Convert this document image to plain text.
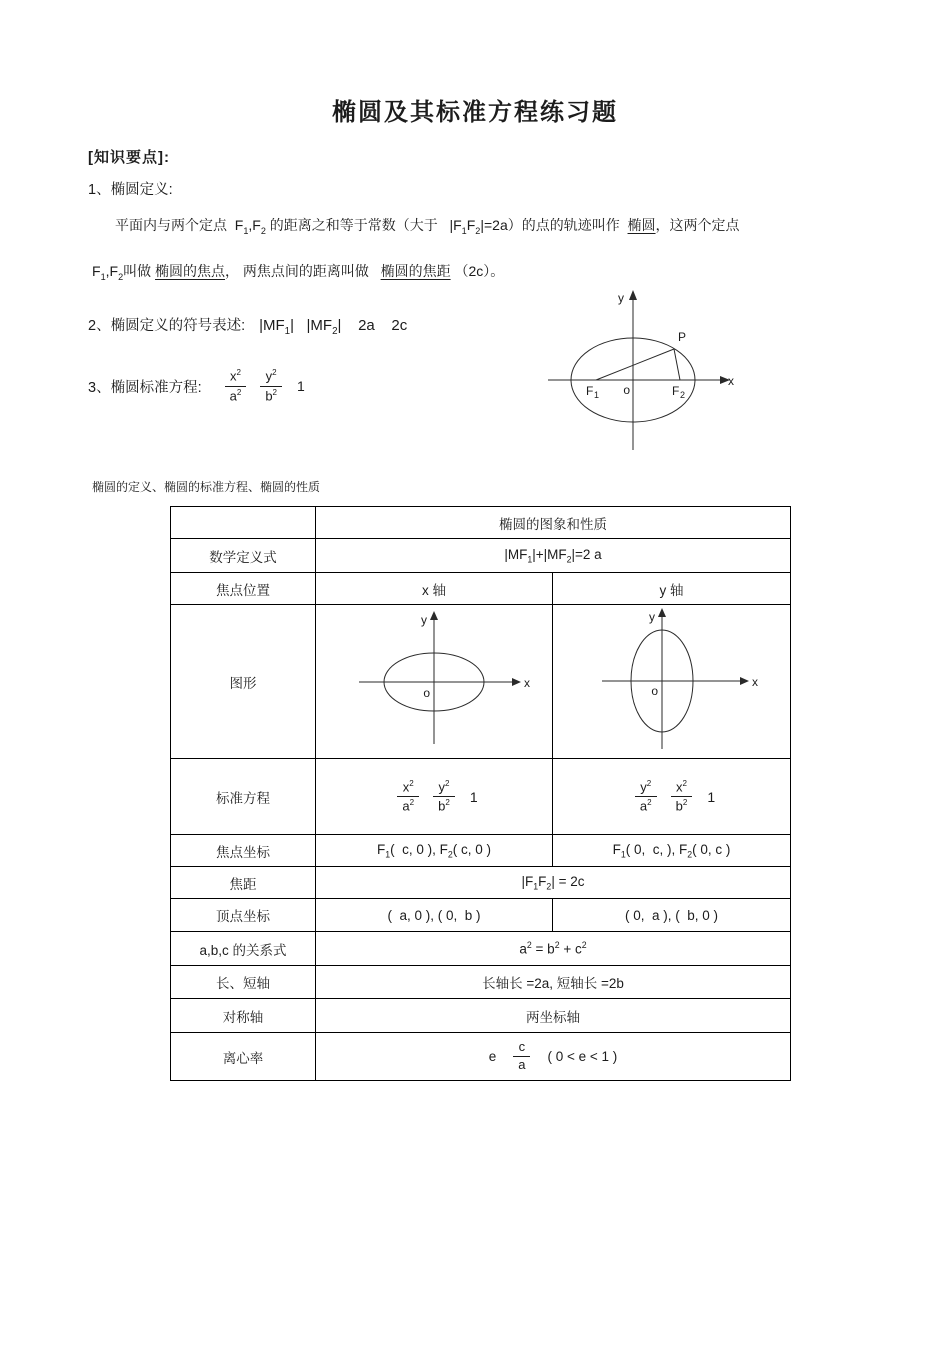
椭圆及其标准方程练习题
[知识要点]:
1、椭圆定义:
平面内与两个定点  $F_1,F_2$ 的距离之和等于常数（大于   $|F_1F_2|=2a$）的点的轨迹叫作  椭圆，这两个定点
$F_1,F_2$叫做 椭圆的焦点， 两焦点间的距离叫做   椭圆的焦距 （2c）。
2、椭圆定义的符号表述: $|MF_1|$   $|MF_2|$    2a    2c
3、椭圆标准方程: $\frac{x^2}{a^2} \frac{y^2}{b^2} 1$
y
x
P
F 1 o	F 2
椭圆的定义、椭圆的标准方程、椭圆的性质
	椭圆的图象和性质	
数学定义式	$|MF_1|+|MF_2|=2$ a	
焦点位置	x 轴	y 轴
图形	y
x
o	y
x
o

标准方程	$\frac{x^2}{a^2} \frac{y^2}{b^2} 1$	$\frac{y^2}{a^2} \frac{x^2}{b^2} 1$

焦点坐标	$F_1$(  c, 0 ), $F_2$( c, 0 )	$F_1$( 0,  c, ), $F_2$( 0, c )
焦距	$|F_1F_2| = 2c$	
顶点坐标	(  a, 0 ), ( 0,  b )	( 0,  a ), (  b, 0 )
a,b,c 的关系式	$a^2 = b^2 + c^2$
长、短轴	长轴长 =2a, 短轴长 =2b	
对称轴	两坐标轴	
离心率	e $\frac{c}{a}$ ( 0 < e < 1 )	
